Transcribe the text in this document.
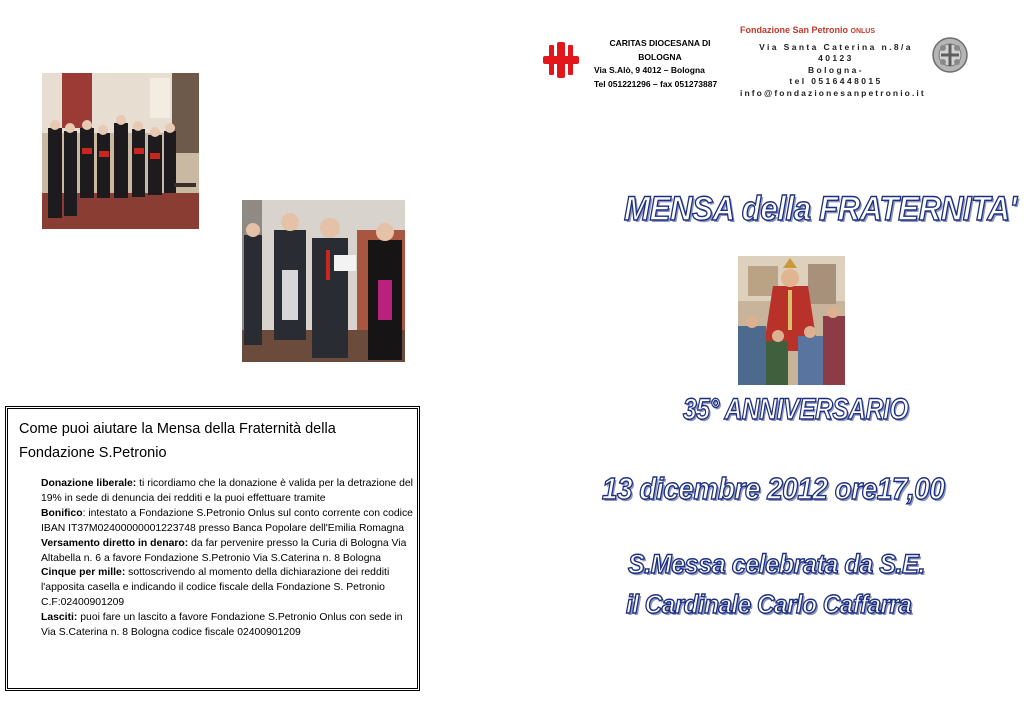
CARITAS DIOCESANA DI
BOLOGNA
Via S.Alò, 9 4012 – Bologna
Tel 051221296 – fax 051273887
Fondazione San Petronio ONLUS
Via Santa Caterina n.8/a 40123
Bologna-
tel 0516448015
info@fondazionesanpetronio.it
MENSA della FRATERNITA'
35° ANNIVERSARIO
13 dicembre 2012 ore17,00
S.Messa celebrata da S.E.
il Cardinale Carlo Caffarra
Come puoi aiutare la Mensa della Fraternità della Fondazione S.Petronio

Donazione liberale: ti ricordiamo che la donazione è valida per la detrazione del 19% in sede di denuncia dei redditi e la puoi effettuare tramite

Bonifico: intestato a Fondazione S.Petronio Onlus sul conto corrente con codice IBAN IT37M02400000001223748 presso Banca Popolare dell'Emilia Romagna

Versamento diretto in denaro: da far pervenire presso la Curia di Bologna Via Altabella n. 6 a favore Fondazione S.Petronio Via S.Caterina n. 8 Bologna

Cinque per mille: sottoscrivendo al momento della dichiarazione dei redditi l'apposita casella e indicando il codice fiscale della Fondazione S. Petronio C.F:02400901209

Lasciti: puoi fare un lascito a favore Fondazione S.Petronio Onlus con sede in Via S.Caterina n. 8 Bologna codice fiscale 02400901209
